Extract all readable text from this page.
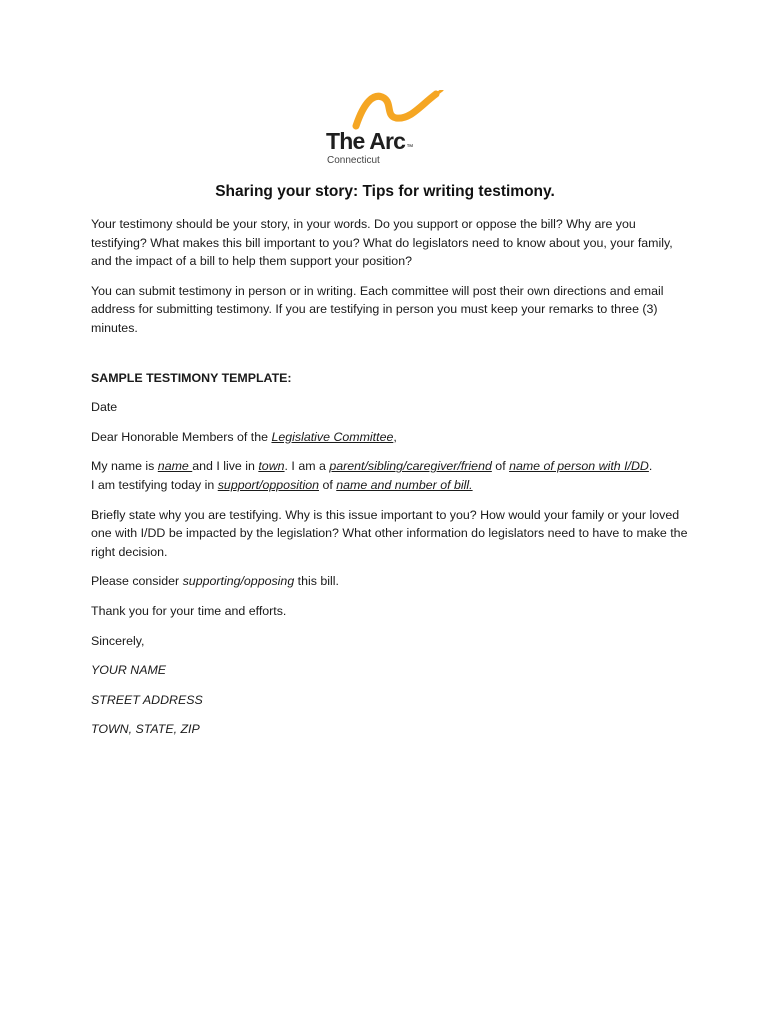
The Arc™
Connecticut
Sharing your story: Tips for writing testimony.

Your testimony should be your story, in your words. Do you support or oppose the bill? Why are you testifying? What makes this bill important to you? What do legislators need to know about you, your family, and the impact of a bill to help them support your position?

You can submit testimony in person or in writing. Each committee will post their own directions and email address for submitting testimony. If you are testifying in person you must keep your remarks to three (3) minutes.

SAMPLE TESTIMONY TEMPLATE:

Date

Dear Honorable Members of the Legislative Committee,

My name is name and I live in town. I am a parent/sibling/caregiver/friend of name of person with I/DD.
I am testifying today in support/opposition of name and number of bill.

Briefly state why you are testifying. Why is this issue important to you? How would your family or your loved one with I/DD be impacted by the legislation? What other information do legislators need to have to make the right decision.

Please consider supporting/opposing this bill.

Thank you for your time and efforts.

Sincerely,

YOUR NAME

STREET ADDRESS

TOWN, STATE, ZIP
